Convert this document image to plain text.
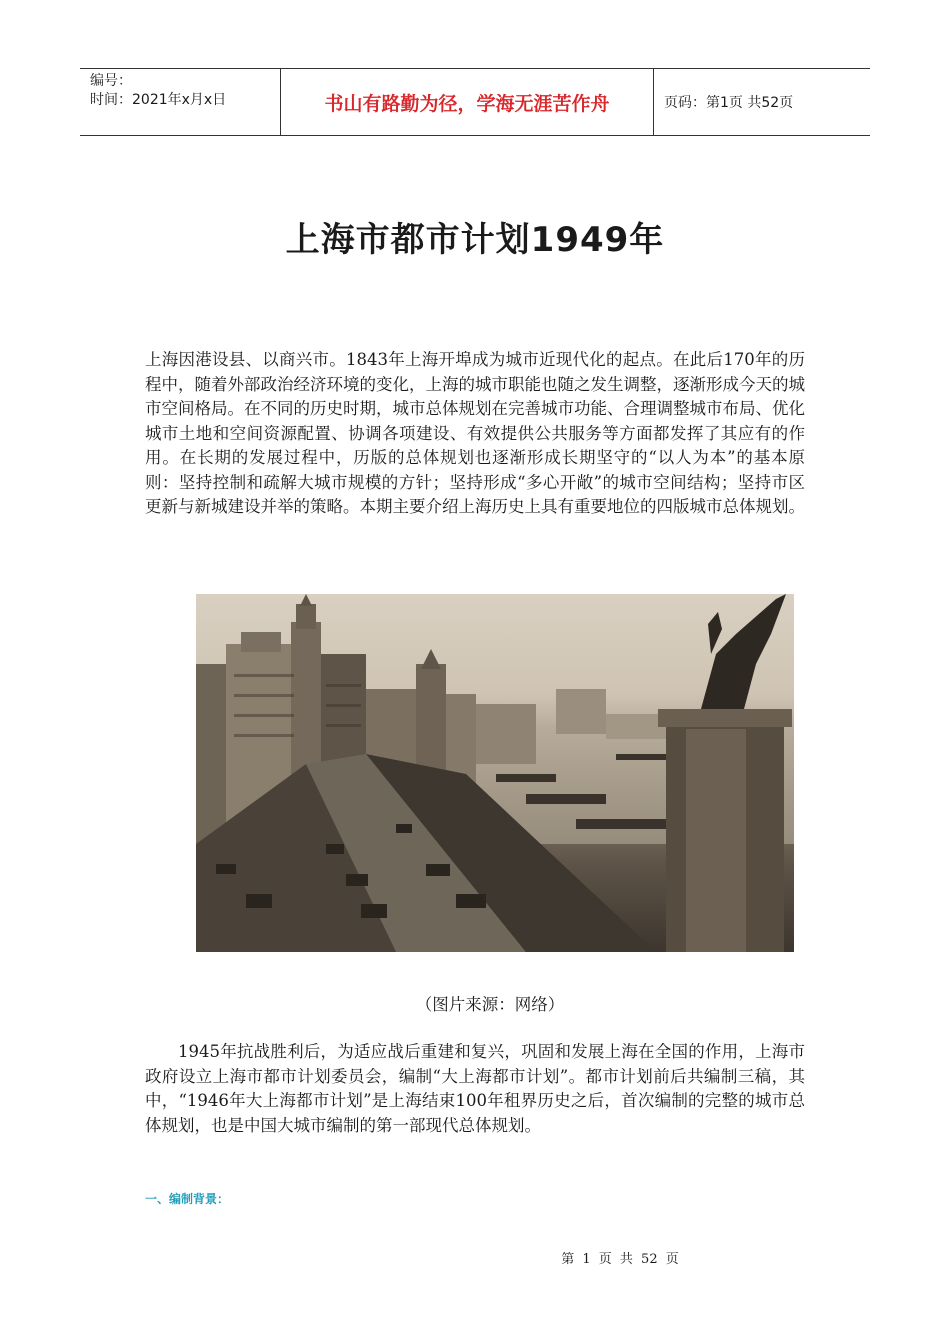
编号：
时间：2021年x月x日	书山有路勤为径，学海无涯苦作舟	页码：第1页 共52页
上海市都市计划1949年

上海因港设县、以商兴市。1843年上海开埠成为城市近现代化的起点。在此后170年的历程中，随着外部政治经济环境的变化，上海的城市职能也随之发生调整，逐渐形成今天的城市空间格局。在不同的历史时期，城市总体规划在完善城市功能、合理调整城市布局、优化城市土地和空间资源配置、协调各项建设、有效提供公共服务等方面都发挥了其应有的作用。在长期的发展过程中，历版的总体规划也逐渐形成长期坚守的“以人为本”的基本原则：坚持控制和疏解大城市规模的方针；坚持形成“多心开敞”的城市空间结构；坚持市区更新与新城建设并举的策略。本期主要介绍上海历史上具有重要地位的四版城市总体规划。

（图片来源：网络）

1945年抗战胜利后，为适应战后重建和复兴，巩固和发展上海在全国的作用，上海市政府设立上海市都市计划委员会，编制“大上海都市计划”。都市计划前后共编制三稿，其中，“1946年大上海都市计划”是上海结束100年租界历史之后，首次编制的完整的城市总体规划，也是中国大城市编制的第一部现代总体规划。

一、编制背景：
第 1 页 共 52 页
